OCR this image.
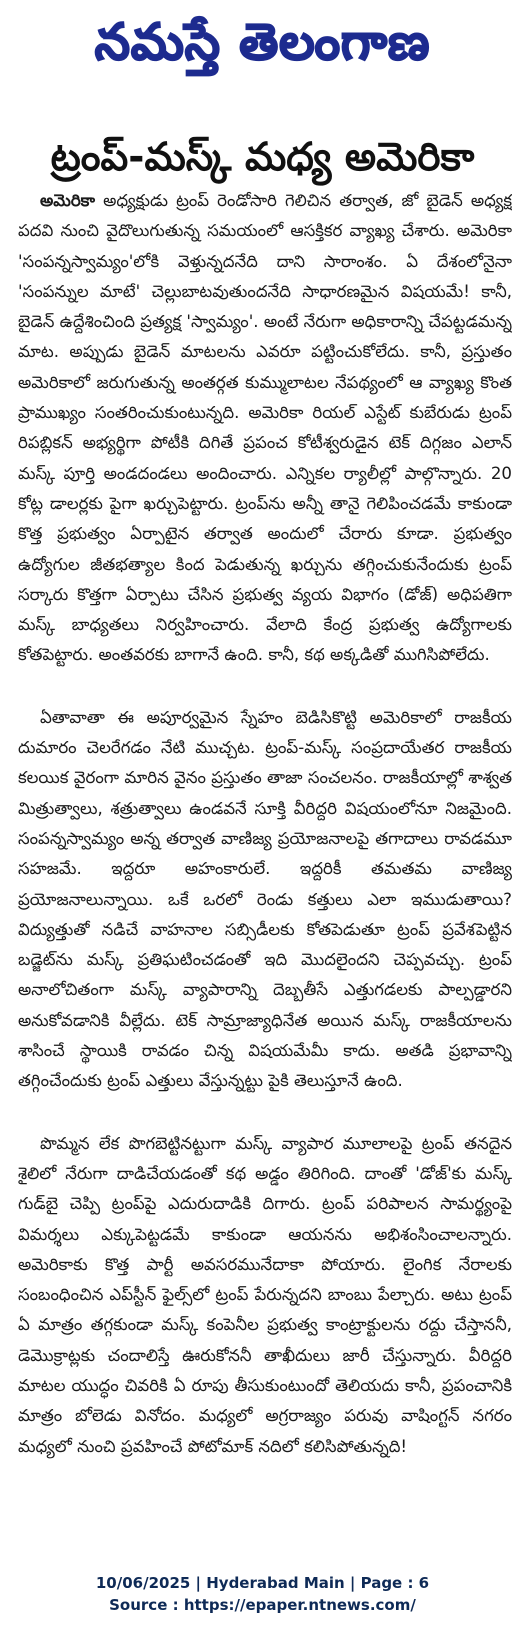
నమస్తే తెలంగాణ
ట్రంప్-మస్క్ మధ్య అమెరికా

అమెరికా అధ్యక్షుడు ట్రంప్ రెండోసారి గెలిచిన తర్వాత, జో బైడెన్ అధ్యక్ష పదవి నుంచి వైదొలుగుతున్న సమయంలో ఆసక్తికర వ్యాఖ్య చేశారు. అమెరికా 'సంపన్నస్వామ్యం'లోకి వెళ్తున్నదనేది దాని సారాంశం. ఏ దేశంలోనైనా 'సంపన్నుల మాటే' చెల్లుబాటవుతుందనేది సాధారణమైన విషయమే! కానీ, బైడెన్ ఉద్దేశించింది ప్రత్యక్ష 'స్వామ్యం'. అంటే నేరుగా అధికారాన్ని చేపట్టడమన్న మాట. అప్పుడు బైడెన్ మాటలను ఎవరూ పట్టించుకోలేదు. కానీ, ప్రస్తుతం అమెరికాలో జరుగుతున్న అంతర్గత కుమ్ములాటల నేపథ్యంలో ఆ వ్యాఖ్య కొంత ప్రాముఖ్యం సంతరించుకుంటున్నది. అమెరికా రియల్ ఎస్టేట్ కుబేరుడు ట్రంప్ రిపబ్లికన్ అభ్యర్థిగా పోటీకి దిగితే ప్రపంచ కోటీశ్వరుడైన టెక్ దిగ్గజం ఎలాన్ మస్క్ పూర్తి అండదండలు అందించారు. ఎన్నికల ర్యాలీల్లో పాల్గొన్నారు. 20 కోట్ల డాలర్లకు పైగా ఖర్చుపెట్టారు. ట్రంప్‌ను అన్నీ తానై గెలిపించడమే కాకుండా కొత్త ప్రభుత్వం ఏర్పాటైన తర్వాత అందులో చేరారు కూడా. ప్రభుత్వం ఉద్యోగుల జీతభత్యాల కింద పెడుతున్న ఖర్చును తగ్గించుకునేందుకు ట్రంప్ సర్కారు కొత్తగా ఏర్పాటు చేసిన ప్రభుత్వ వ్యయ విభాగం (డోజ్) అధిపతిగా మస్క్ బాధ్యతలు నిర్వహించారు. వేలాది కేంద్ర ప్రభుత్వ ఉద్యోగాలకు కోతపెట్టారు. అంతవరకు బాగానే ఉంది. కానీ, కథ అక్కడితో ముగిసిపోలేదు.

ఏతావాతా ఈ అపూర్వమైన స్నేహం బెడిసికొట్టి అమెరికాలో రాజకీయ దుమారం చెలరేగడం నేటి ముచ్చట. ట్రంప్-మస్క్ సంప్రదాయేతర రాజకీయ కలయిక వైరంగా మారిన వైనం ప్రస్తుతం తాజా సంచలనం. రాజకీయాల్లో శాశ్వత మిత్రుత్వాలు, శత్రుత్వాలు ఉండవనే సూక్తి వీరిద్దరి విషయంలోనూ నిజమైంది. సంపన్నస్వామ్యం అన్న తర్వాత వాణిజ్య ప్రయోజనాలపై తగాదాలు రావడమూ సహజమే. ఇద్దరూ అహంకారులే. ఇద్దరికీ తమతమ వాణిజ్య ప్రయోజనాలున్నాయి. ఒకే ఒరలో రెండు కత్తులు ఎలా ఇముడుతాయి? విద్యుత్తుతో నడిచే వాహనాల సబ్సిడీలకు కోతపెడుతూ ట్రంప్ ప్రవేశపెట్టిన బడ్జెట్‌ను మస్క్ ప్రతిఘటించడంతో ఇది మొదలైందని చెప్పవచ్చు. ట్రంప్ అనాలోచితంగా మస్క్ వ్యాపారాన్ని దెబ్బతీసే ఎత్తుగడలకు పాల్పడ్డారని అనుకోవడానికి వీల్లేదు. టెక్ సామ్రాజ్యాధినేత అయిన మస్క్ రాజకీయాలను శాసించే స్థాయికి రావడం చిన్న విషయమేమీ కాదు. అతడి ప్రభావాన్ని తగ్గించేందుకు ట్రంప్ ఎత్తులు వేస్తున్నట్టు పైకి తెలుస్తూనే ఉంది.

పొమ్మన లేక పొగబెట్టినట్టుగా మస్క్ వ్యాపార మూలాలపై ట్రంప్ తనదైన శైలిలో నేరుగా దాడిచేయడంతో కథ అడ్డం తిరిగింది. దాంతో 'డోజ్'కు మస్క్ గుడ్‌బై చెప్పి ట్రంప్‌పై ఎదురుదాడికి దిగారు. ట్రంప్ పరిపాలన సామర్థ్యంపై విమర్శలు ఎక్కుపెట్టడమే కాకుండా ఆయనను అభిశంసించాలన్నారు. అమెరికాకు కొత్త పార్టీ అవసరమునేదాకా పోయారు. లైంగిక నేరాలకు సంబంధించిన ఎప్‌స్టీన్ ఫైల్స్‌లో ట్రంప్ పేరున్నదని బాంబు పేల్చారు. అటు ట్రంప్ ఏ మాత్రం తగ్గకుండా మస్క్ కంపెనీల ప్రభుత్వ కాంట్రాక్టులను రద్దు చేస్తాననీ, డెమొక్రాట్లకు చందాలిస్తే ఊరుకోననీ తాఖీదులు జారీ చేస్తున్నారు. వీరిద్దరి మాటల యుద్ధం చివరికి ఏ రూపు తీసుకుంటుందో తెలియదు కానీ, ప్రపంచానికి మాత్రం బోలెడు వినోదం. మధ్యలో అగ్రరాజ్యం పరువు వాషింగ్టన్ నగరం మధ్యలో నుంచి ప్రవహించే పోటోమాక్ నదిలో కలిసిపోతున్నది!

10/06/2025 | Hyderabad Main | Page : 6
Source : https://epaper.ntnews.com/
